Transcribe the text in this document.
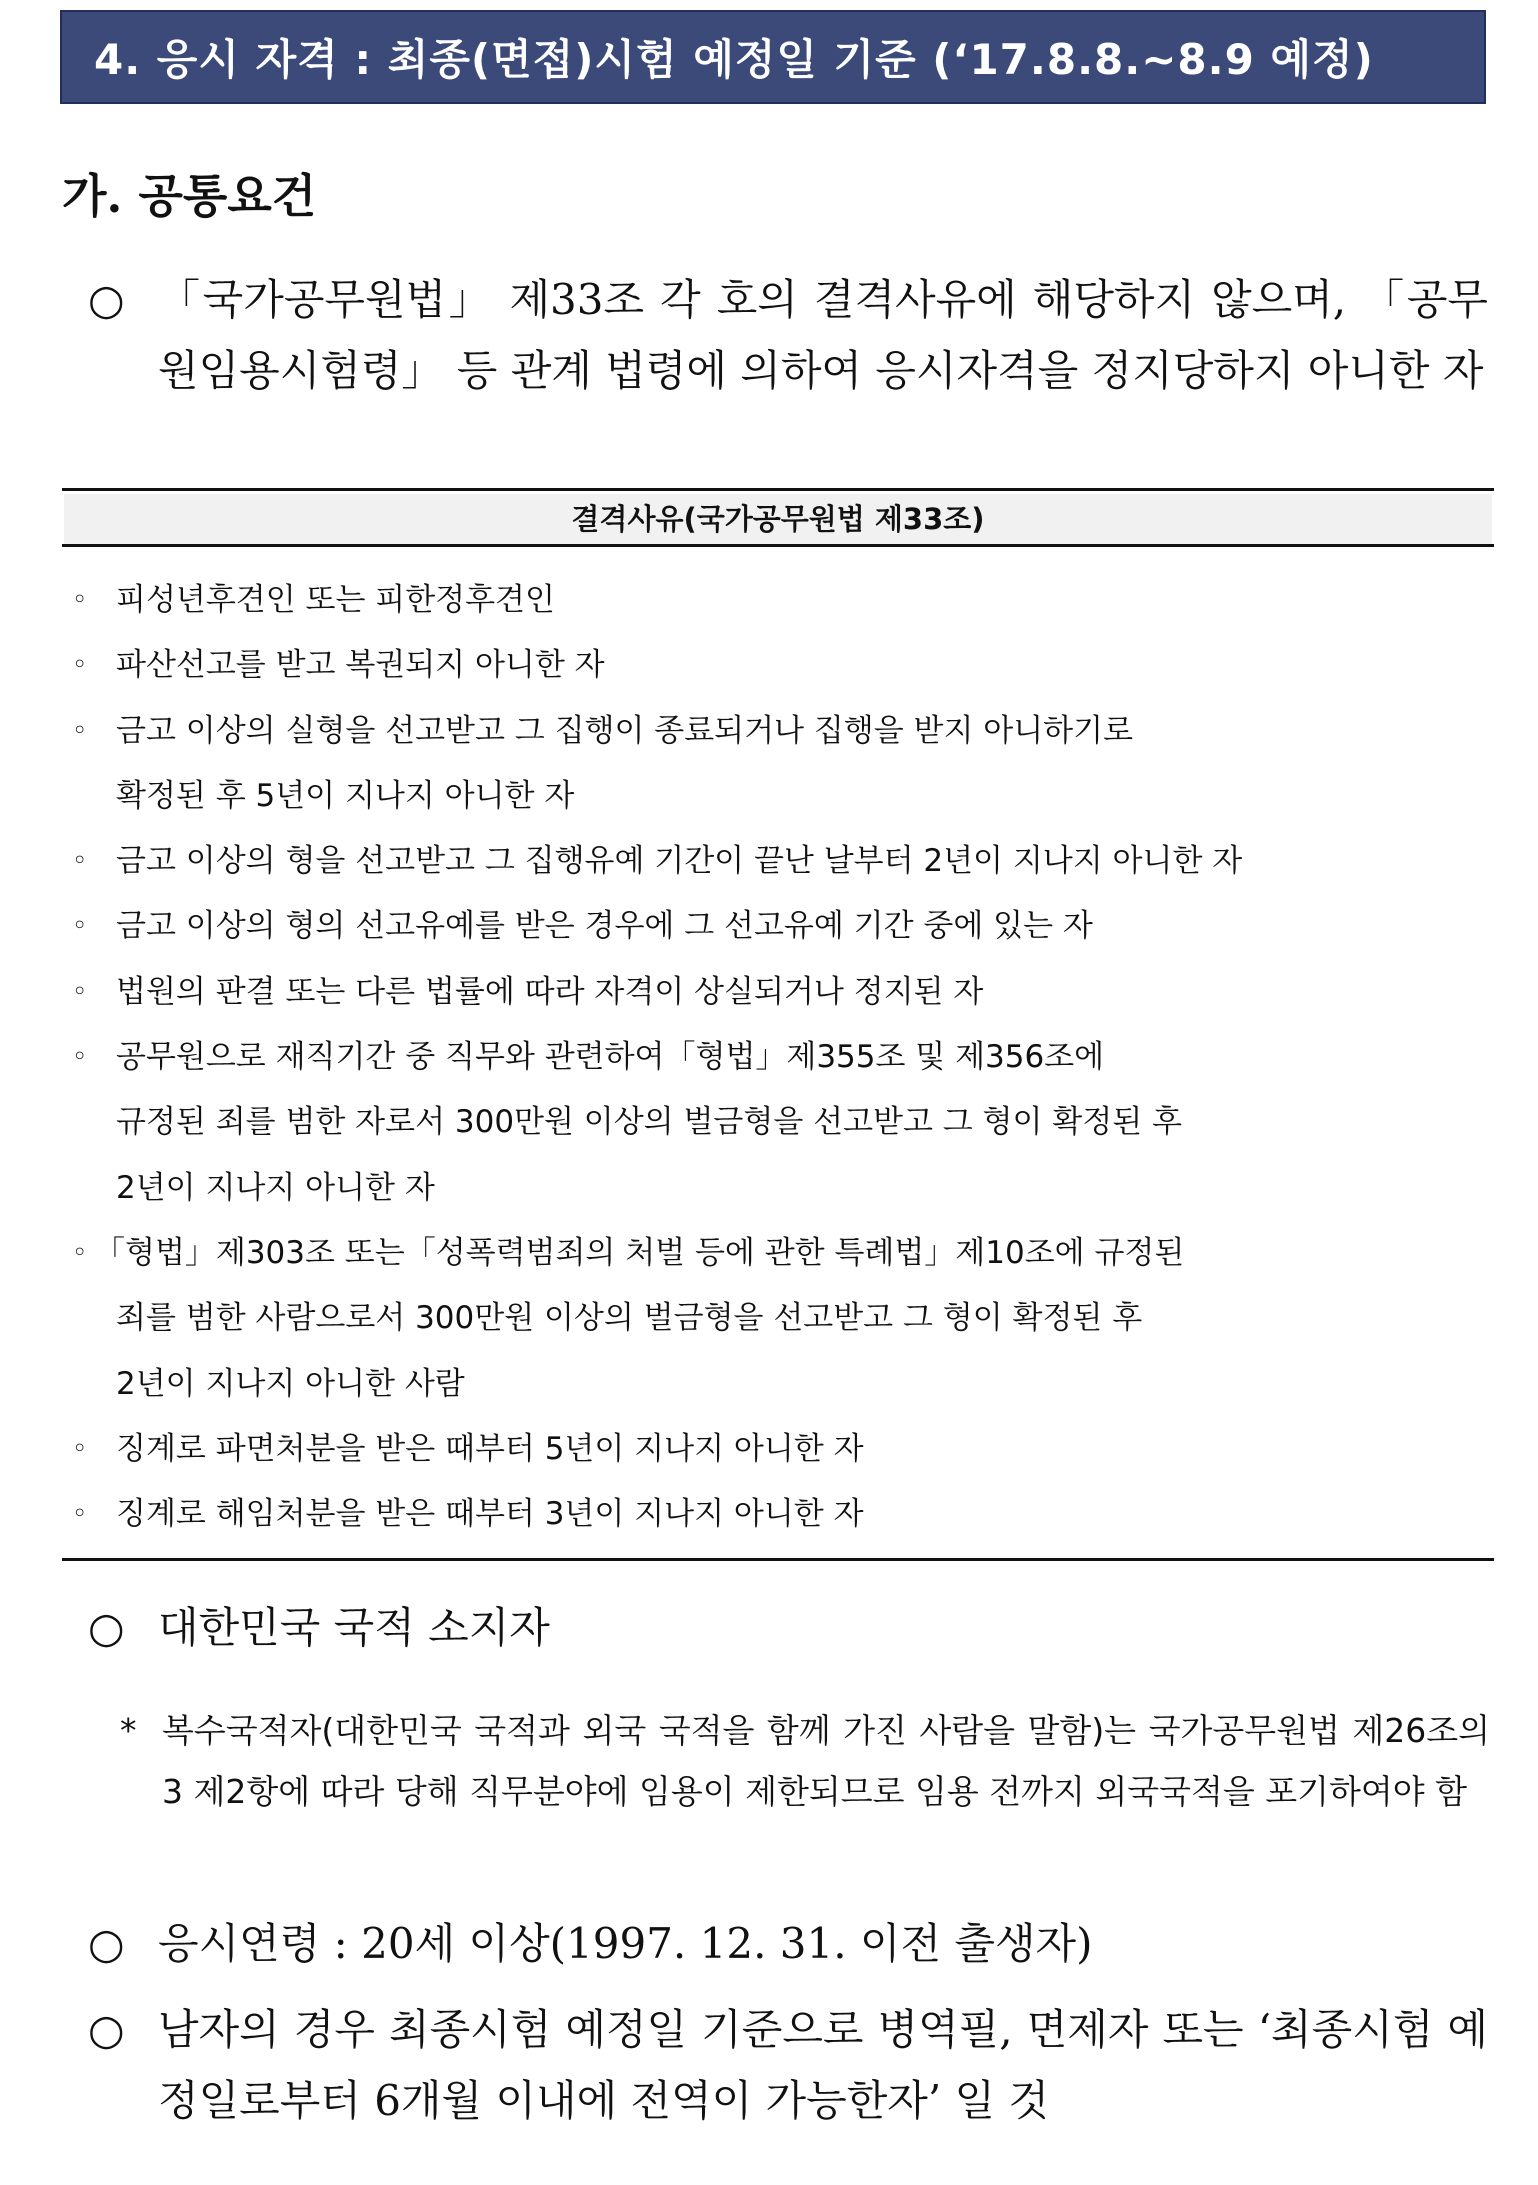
4. 응시 자격 : 최종(면접)시험 예정일 기준 (‘17.8.8.~8.9 예정)
가. 공통요건
○ 「국가공무원법」 제33조 각 호의 결격사유에 해당하지 않으며, 「공무원임용시험령」 등 관계 법령에 의하여 응시자격을 정지당하지 아니한 자
결격사유(국가공무원법 제33조)
◦ 피성년후견인 또는 피한정후견인
◦ 파산선고를 받고 복권되지 아니한 자
◦ 금고 이상의 실형을 선고받고 그 집행이 종료되거나 집행을 받지 아니하기로
확정된 후 5년이 지나지 아니한 자
◦ 금고 이상의 형을 선고받고 그 집행유예 기간이 끝난 날부터 2년이 지나지 아니한 자
◦ 금고 이상의 형의 선고유예를 받은 경우에 그 선고유예 기간 중에 있는 자
◦ 법원의 판결 또는 다른 법률에 따라 자격이 상실되거나 정지된 자
◦ 공무원으로 재직기간 중 직무와 관련하여「형법」제355조 및 제356조에
규정된 죄를 범한 자로서 300만원 이상의 벌금형을 선고받고 그 형이 확정된 후
2년이 지나지 아니한 자
◦ 「형법」제303조 또는「성폭력범죄의 처벌 등에 관한 특례법」제10조에 규정된
죄를 범한 사람으로서 300만원 이상의 벌금형을 선고받고 그 형이 확정된 후
2년이 지나지 아니한 사람
◦ 징계로 파면처분을 받은 때부터 5년이 지나지 아니한 자
◦ 징계로 해임처분을 받은 때부터 3년이 지나지 아니한 자
○ 대한민국 국적 소지자
* 복수국적자(대한민국 국적과 외국 국적을 함께 가진 사람을 말함)는 국가공무원법 제26조의3 제2항에 따라 당해 직무분야에 임용이 제한되므로 임용 전까지 외국국적을 포기하여야 함
○ 응시연령 : 20세 이상(1997. 12. 31. 이전 출생자)
○ 남자의 경우 최종시험 예정일 기준으로 병역필, 면제자 또는 ‘최종시험 예정일로부터 6개월 이내에 전역이 가능한자’ 일 것
